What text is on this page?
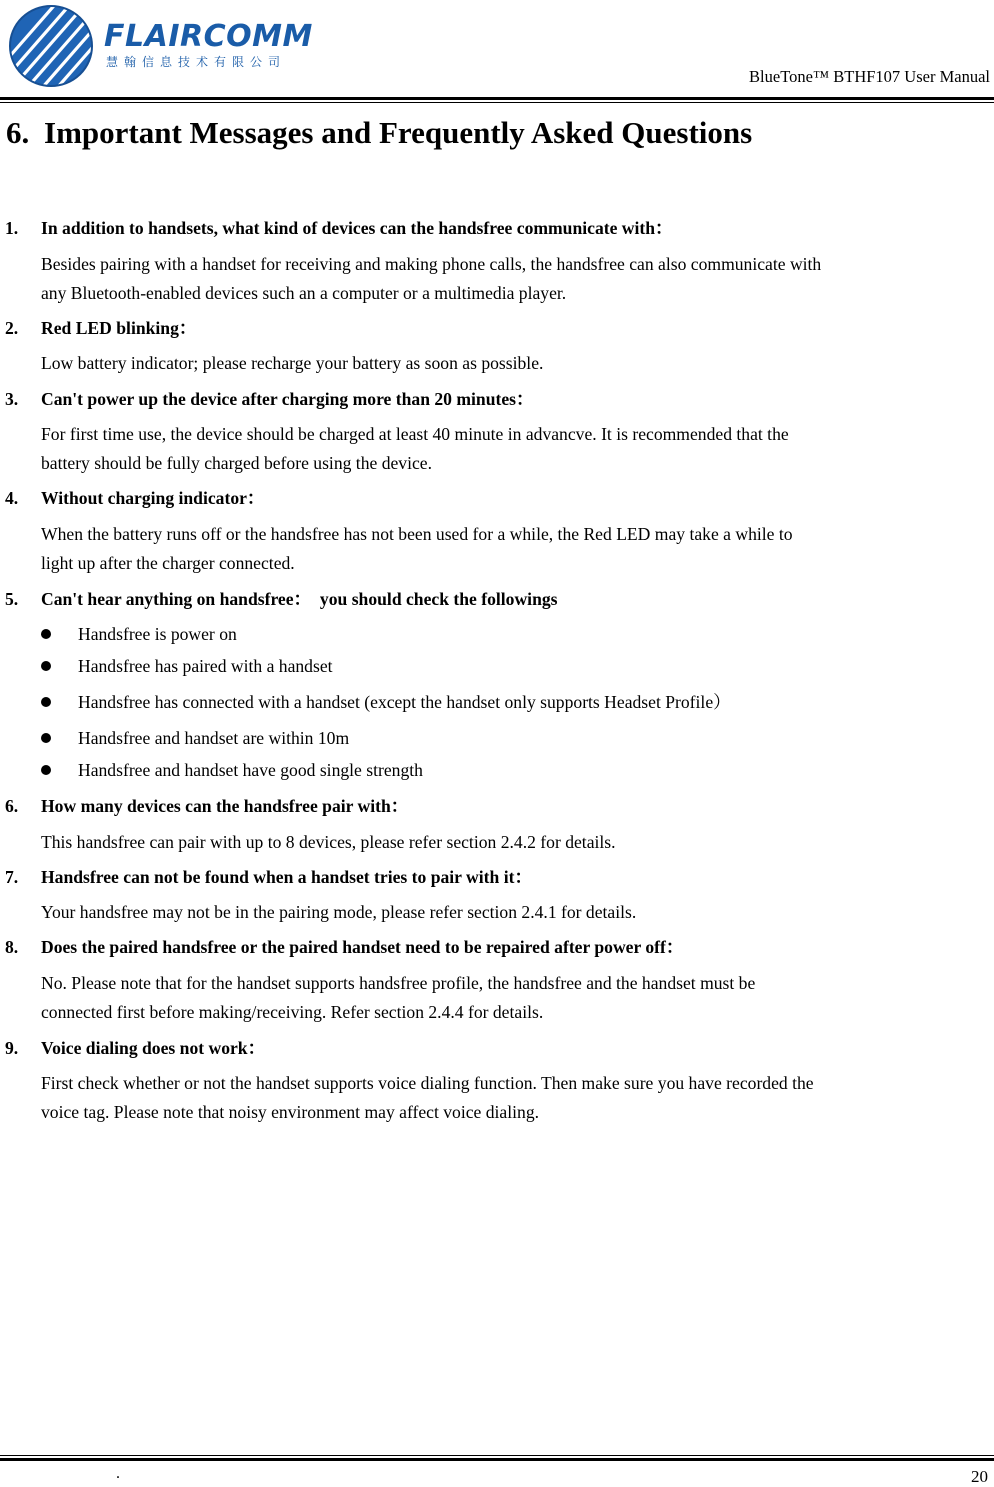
FLAIRCOMM
慧翰信息技术有限公司
BlueTone™ BTHF107 User Manual
6. Important Messages and Frequently Asked Questions
1. In addition to handsets, what kind of devices can the handsfree communicate with：
Besides pairing with a handset for receiving and making phone calls, the handsfree can also communicate with
any Bluetooth-enabled devices such an a computer or a multimedia player.
2. Red LED blinking：
Low battery indicator; please recharge your battery as soon as possible.
3. Can't power up the device after charging more than 20 minutes：
For first time use, the device should be charged at least 40 minute in advancve. It is recommended that the
battery should be fully charged before using the device.
4. Without charging indicator：
When the battery runs off or the handsfree has not been used for a while, the Red LED may take a while to
light up after the charger connected.
5. Can't hear anything on handsfree：　you should check the followings
Handsfree is power on
Handsfree has paired with a handset
Handsfree has connected with a handset (except the handset only supports Headset Profile）
Handsfree and handset are within 10m
Handsfree and handset have good single strength
6. How many devices can the handsfree pair with：
This handsfree can pair with up to 8 devices, please refer section 2.4.2 for details.
7. Handsfree can not be found when a handset tries to pair with it：
Your handsfree may not be in the pairing mode, please refer section 2.4.1 for details.
8. Does the paired handsfree or the paired handset need to be repaired after power off：
No. Please note that for the handset supports handsfree profile, the handsfree and the handset must be
connected first before making/receiving. Refer section 2.4.4 for details.
9. Voice dialing does not work：
First check whether or not the handset supports voice dialing function. Then make sure you have recorded the
voice tag. Please note that noisy environment may affect voice dialing.
.	20
